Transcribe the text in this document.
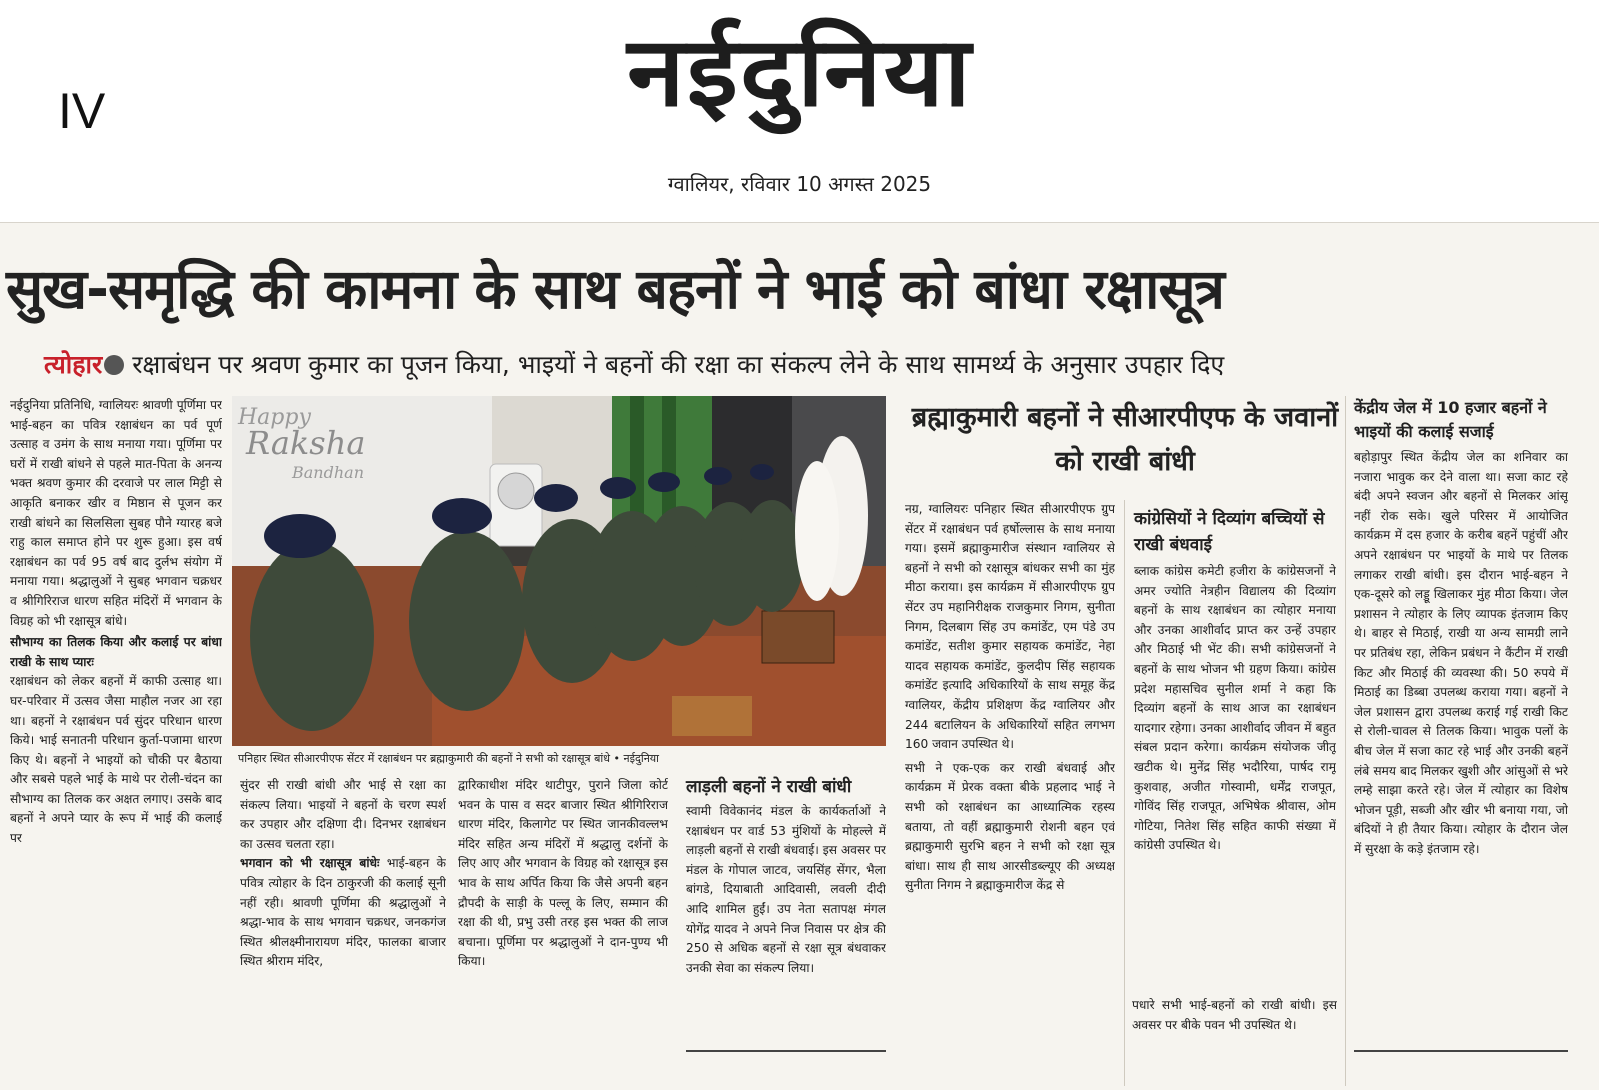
IV	नईदुनिया
ग्वालियर, रविवार 10 अगस्त 2025
सुख-समृद्धि की कामना के साथ बहनों ने भाई को बांधा रक्षासूत्र
त्योहार रक्षाबंधन पर श्रवण कुमार का पूजन किया, भाइयों ने बहनों की रक्षा का संकल्प लेने के साथ सामर्थ्य के अनुसार उपहार दिए

नईदुनिया प्रतिनिधि, ग्वालियरः श्रावणी पूर्णिमा पर भाई-बहन का पवित्र रक्षाबंधन का पर्व पूर्ण उत्साह व उमंग के साथ मनाया गया। पूर्णिमा पर घरों में राखी बांधने से पहले मात-पिता के अनन्य भक्त श्रवण कुमार की दरवाजे पर लाल मिट्टी से आकृति बनाकर खीर व मिष्ठान से पूजन कर राखी बांधने का सिलसिला सुबह पौने ग्यारह बजे राहु काल समाप्त होने पर शुरू हुआ। इस वर्ष रक्षाबंधन का पर्व 95 वर्ष बाद दुर्लभ संयोग में मनाया गया। श्रद्धालुओं ने सुबह भगवान चक्रधर व श्रीगिरिराज धारण सहित मंदिरों में भगवान के विग्रह को भी रक्षासूत्र बांधे।

सौभाग्य का तिलक किया और कलाई पर बांधा राखी के साथ प्यारः

रक्षाबंधन को लेकर बहनों में काफी उत्साह था। घर-परिवार में उत्सव जैसा माहौल नजर आ रहा था। बहनों ने रक्षाबंधन पर्व सुंदर परिधान धारण किये। भाई सनातनी परिधान कुर्ता-पजामा धारण किए थे। बहनों ने भाइयों को चौकी पर बैठाया और सबसे पहले भाई के माथे पर रोली-चंदन का सौभाग्य का तिलक कर अक्षत लगाए। उसके बाद बहनों ने अपने प्यार के रूप में भाई की कलाई पर

Happy
Raksha
Bandhan
पनिहार स्थित सीआरपीएफ सेंटर में रक्षाबंधन पर ब्रह्माकुमारी की बहनों ने सभी को रक्षासूत्र बांधे • नईदुनिया

सुंदर सी राखी बांधी और भाई से रक्षा का संकल्प लिया। भाइयों ने बहनों के चरण स्पर्श कर उपहार और दक्षिणा दी। दिनभर रक्षाबंधन का उत्सव चलता रहा।

भगवान को भी रक्षासूत्र बांधेः भाई-बहन के पवित्र त्योहार के दिन ठाकुरजी की कलाई सूनी नहीं रही। श्रावणी पूर्णिमा की श्रद्धालुओं ने श्रद्धा-भाव के साथ भगवान चक्रधर, जनकगंज स्थित श्रीलक्ष्मीनारायण मंदिर, फालका बाजार स्थित श्रीराम मंदिर,

द्वारिकाधीश मंदिर थाटीपुर, पुराने जिला कोर्ट भवन के पास व सदर बाजार स्थित श्रीगिरिराज धारण मंदिर, किलागेट पर स्थित जानकीवल्लभ मंदिर सहित अन्य मंदिरों में श्रद्धालु दर्शनों के लिए आए और भगवान के विग्रह को रक्षासूत्र इस भाव के साथ अर्पित किया कि जैसे अपनी बहन द्रौपदी के साड़ी के पल्लू के लिए, सम्मान की रक्षा की थी, प्रभु उसी तरह इस भक्त की लाज बचाना। पूर्णिमा पर श्रद्धालुओं ने दान-पुण्य भी किया।

लाड़ली बहनों ने राखी बांधी

स्वामी विवेकानंद मंडल के कार्यकर्ताओं ने रक्षाबंधन पर वार्ड 53 मुंशियों के मोहल्ले में लाड़ली बहनों से राखी बंधवाई। इस अवसर पर मंडल के गोपाल जाटव, जयसिंह सेंगर, भैला बांगडे, दियाबाती आदिवासी, लवली दीदी आदि शामिल हुईं। उप नेता सतापक्ष मंगल योगेंद्र यादव ने अपने निज निवास पर क्षेत्र की 250 से अधिक बहनों से रक्षा सूत्र बंधवाकर उनकी सेवा का संकल्प लिया।

ब्रह्माकुमारी बहनों ने सीआरपीएफ के जवानों को राखी बांधी

नग्र, ग्वालियरः पनिहार स्थित सीआरपीएफ ग्रुप सेंटर में रक्षाबंधन पर्व हर्षोल्लास के साथ मनाया गया। इसमें ब्रह्माकुमारीज संस्थान ग्वालियर से बहनों ने सभी को रक्षासूत्र बांधकर सभी का मुंह मीठा कराया। इस कार्यक्रम में सीआरपीएफ ग्रुप सेंटर उप महानिरीक्षक राजकुमार निगम, सुनीता निगम, दिलबाग सिंह उप कमांडेंट, एम पंडे उप कमांडेंट, सतीश कुमार सहायक कमांडेंट, नेहा यादव सहायक कमांडेंट, कुलदीप सिंह सहायक कमांडेंट इत्यादि अधिकारियों के साथ समूह केंद्र ग्वालियर, केंद्रीय प्रशिक्षण केंद्र ग्वालियर और 244 बटालियन के अधिकारियों सहित लगभग 160 जवान उपस्थित थे।

सभी ने एक-एक कर राखी बंधवाई और कार्यक्रम में प्रेरक वक्ता बीके प्रहलाद भाई ने सभी को रक्षाबंधन का आध्यात्मिक रहस्य बताया, तो वहीं ब्रह्माकुमारी रोशनी बहन एवं ब्रह्माकुमारी सुरभि बहन ने सभी को रक्षा सूत्र बांधा। साथ ही साथ आरसीडब्ल्यूए की अध्यक्ष सुनीता निगम ने ब्रह्माकुमारीज केंद्र से

पधारे सभी भाई-बहनों को राखी बांधी। इस अवसर पर बीके पवन भी उपस्थित थे।

कांग्रेसियों ने दिव्यांग बच्चियों से राखी बंधवाई

ब्लाक कांग्रेस कमेटी हजीरा के कांग्रेसजनों ने अमर ज्योति नेत्रहीन विद्यालय की दिव्यांग बहनों के साथ रक्षाबंधन का त्योहार मनाया और उनका आशीर्वाद प्राप्त कर उन्हें उपहार और मिठाई भी भेंट की। सभी कांग्रेसजनों ने बहनों के साथ भोजन भी ग्रहण किया। कांग्रेस प्रदेश महासचिव सुनील शर्मा ने कहा कि दिव्यांग बहनों के साथ आज का रक्षाबंधन यादगार रहेगा। उनका आशीर्वाद जीवन में बहुत संबल प्रदान करेगा। कार्यक्रम संयोजक जीतू खटीक थे। मुनेंद्र सिंह भदौरिया, पार्षद रामू कुशवाह, अजीत गोस्वामी, धर्मेंद्र राजपूत, गोविंद सिंह राजपूत, अभिषेक श्रीवास, ओम गोटिया, नितेश सिंह सहित काफी संख्या में कांग्रेसी उपस्थित थे।

केंद्रीय जेल में 10 हजार बहनों ने भाइयों की कलाई सजाई

बहोड़ापुर स्थित केंद्रीय जेल का शनिवार का नजारा भावुक कर देने वाला था। सजा काट रहे बंदी अपने स्वजन और बहनों से मिलकर आंसू नहीं रोक सके। खुले परिसर में आयोजित कार्यक्रम में दस हजार के करीब बहनें पहुंचीं और अपने रक्षाबंधन पर भाइयों के माथे पर तिलक लगाकर राखी बांधी। इस दौरान भाई-बहन ने एक-दूसरे को लड्डू खिलाकर मुंह मीठा किया। जेल प्रशासन ने त्योहार के लिए व्यापक इंतजाम किए थे। बाहर से मिठाई, राखी या अन्य सामग्री लाने पर प्रतिबंध रहा, लेकिन प्रबंधन ने कैंटीन में राखी किट और मिठाई की व्यवस्था की। 50 रुपये में मिठाई का डिब्बा उपलब्ध कराया गया। बहनों ने जेल प्रशासन द्वारा उपलब्ध कराई गई राखी किट से रोली-चावल से तिलक किया। भावुक पलों के बीच जेल में सजा काट रहे भाई और उनकी बहनें लंबे समय बाद मिलकर खुशी और आंसुओं से भरे लम्हे साझा करते रहे। जेल में त्योहार का विशेष भोजन पूड़ी, सब्जी और खीर भी बनाया गया, जो बंदियों ने ही तैयार किया। त्योहार के दौरान जेल में सुरक्षा के कड़े इंतजाम रहे।
